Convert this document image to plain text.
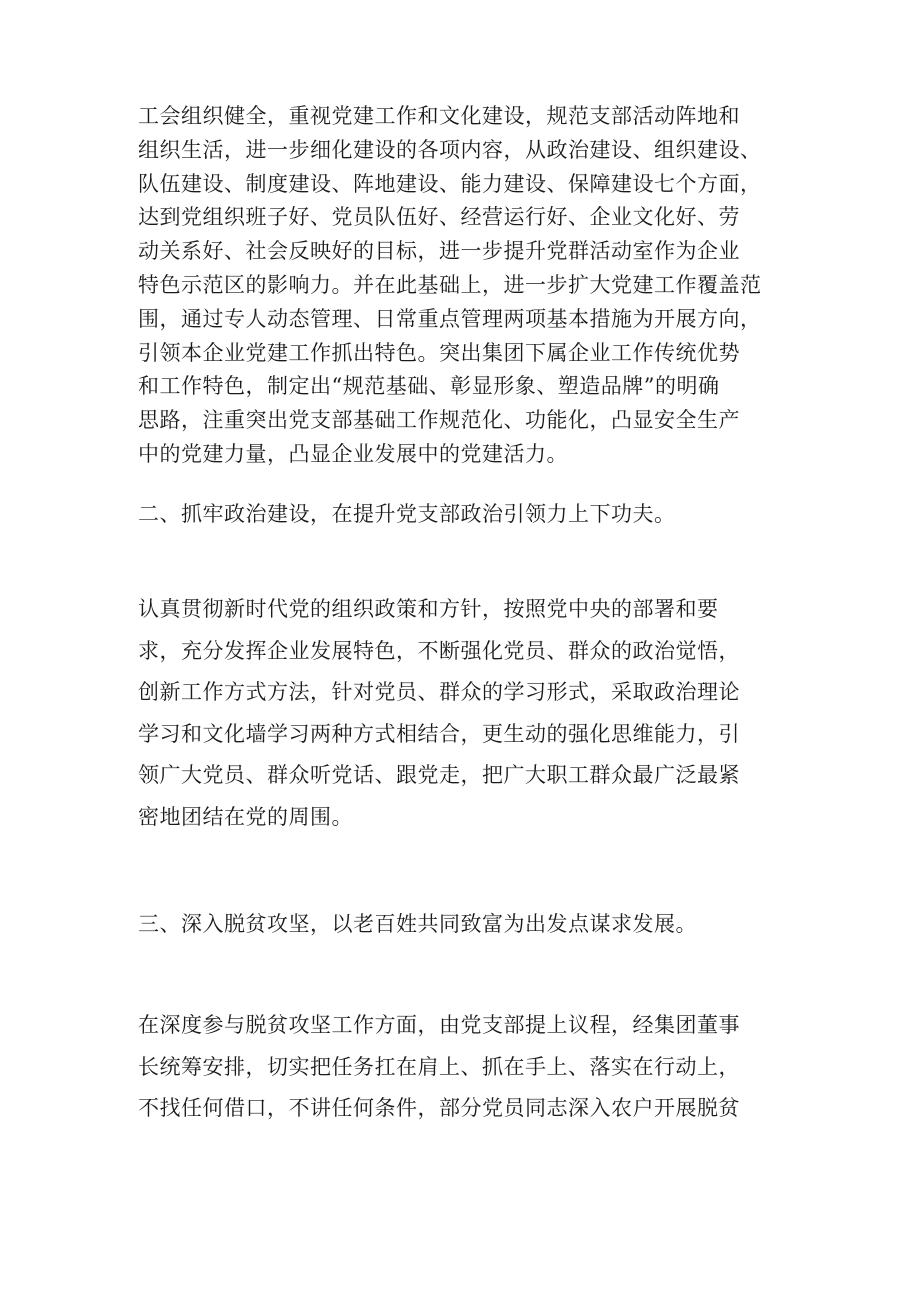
工会组织健全，重视党建工作和文化建设，规范支部活动阵地和
组织生活，进一步细化建设的各项内容，从政治建设、组织建设、
队伍建设、制度建设、阵地建设、能力建设、保障建设七个方面，
达到党组织班子好、党员队伍好、经营运行好、企业文化好、劳
动关系好、社会反映好的目标，进一步提升党群活动室作为企业
特色示范区的影响力。并在此基础上，进一步扩大党建工作覆盖范
围，通过专人动态管理、日常重点管理两项基本措施为开展方向，
引领本企业党建工作抓出特色。突出集团下属企业工作传统优势
和工作特色，制定出“规范基础、彰显形象、塑造品牌”的明确
思路，注重突出党支部基础工作规范化、功能化，凸显安全生产
中的党建力量，凸显企业发展中的党建活力。
二、抓牢政治建设，在提升党支部政治引领力上下功夫。
认真贯彻新时代党的组织政策和方针，按照党中央的部署和要
求，充分发挥企业发展特色，不断强化党员、群众的政治觉悟，
创新工作方式方法，针对党员、群众的学习形式，采取政治理论
学习和文化墙学习两种方式相结合，更生动的强化思维能力，引
领广大党员、群众听党话、跟党走，把广大职工群众最广泛最紧
密地团结在党的周围。
三、深入脱贫攻坚，以老百姓共同致富为出发点谋求发展。
在深度参与脱贫攻坚工作方面，由党支部提上议程，经集团董事
长统筹安排，切实把任务扛在肩上、抓在手上、落实在行动上，
不找任何借口，不讲任何条件，部分党员同志深入农户开展脱贫
